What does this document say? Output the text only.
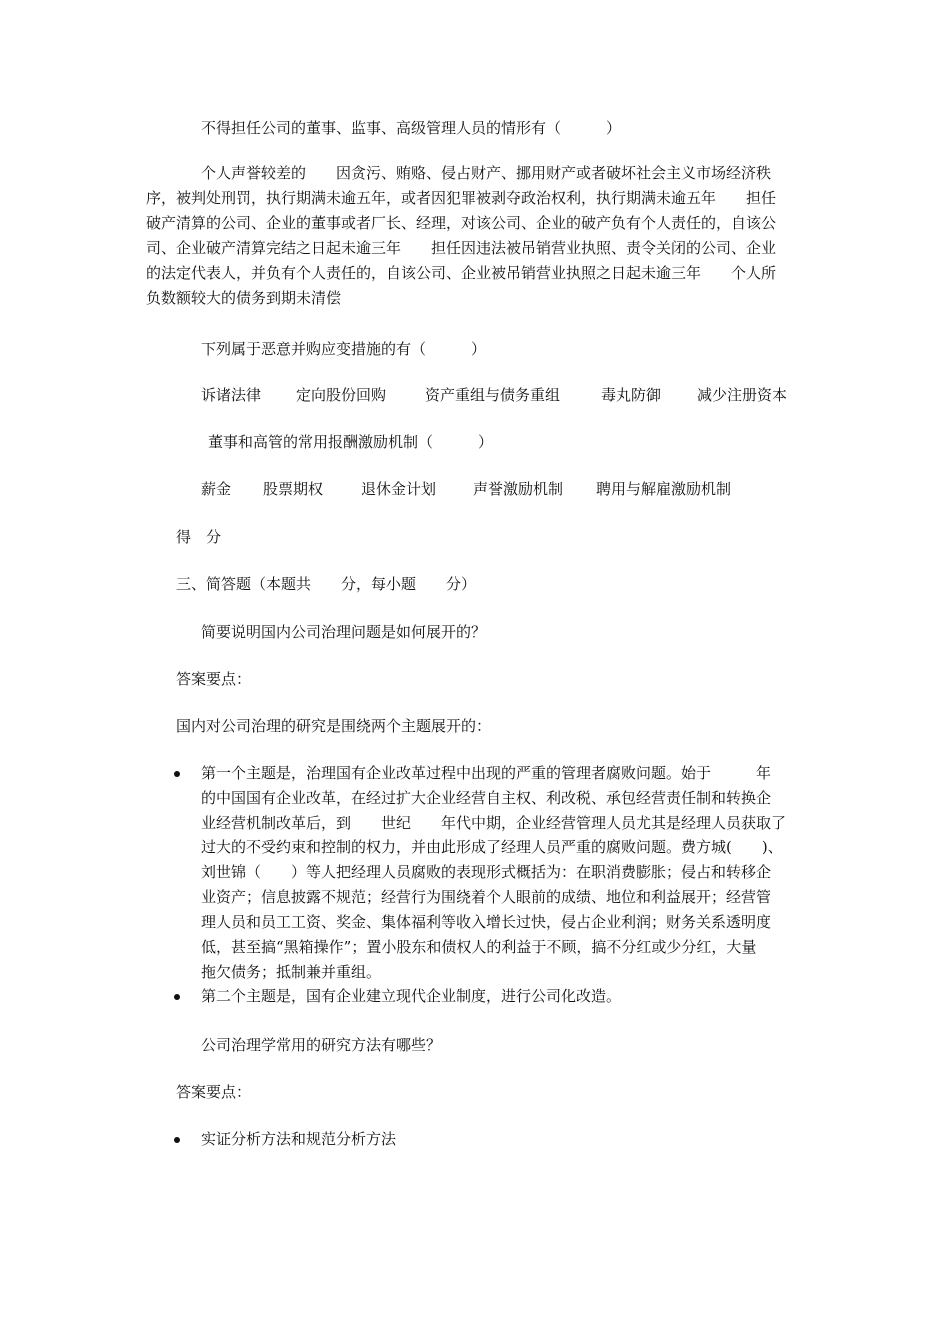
不得担任公司的董事、监事、高级管理人员的情形有（　　　）
个人声誉较差的　　因贪污、贿赂、侵占财产、挪用财产或者破坏社会主义市场经济秩
序，被判处刑罚，执行期满未逾五年，或者因犯罪被剥夺政治权利，执行期满未逾五年　　担任
破产清算的公司、企业的董事或者厂长、经理，对该公司、企业的破产负有个人责任的，自该公
司、企业破产清算完结之日起未逾三年　　担任因违法被吊销营业执照、责令关闭的公司、企业
的法定代表人，并负有个人责任的，自该公司、企业被吊销营业执照之日起未逾三年　　个人所
负数额较大的债务到期未清偿
下列属于恶意并购应变措施的有（　　　）
诉诸法律 定向股份回购	资产重组与债务重组	毒丸防御 减少注册资本
董事和高管的常用报酬激励机制（　　　）
薪金 股票期权	退休金计划 声誉激励机制 聘用与解雇激励机制
得　分
三、简答题（本题共　　分，每小题　　分）
简要说明国内公司治理问题是如何展开的？
答案要点：
国内对公司治理的研究是围绕两个主题展开的：
第一个主题是，治理国有企业改革过程中出现的严重的管理者腐败问题。始于　　　年
的中国国有企业改革，在经过扩大企业经营自主权、利改税、承包经营责任制和转换企
业经营机制改革后，到　　世纪　　年代中期，企业经营管理人员尤其是经理人员获取了
过大的不受约束和控制的权力，并由此形成了经理人员严重的腐败问题。费方城(　　)、
刘世锦（　　）等人把经理人员腐败的表现形式概括为：在职消费膨胀；侵占和转移企
业资产；信息披露不规范；经营行为围绕着个人眼前的成绩、地位和利益展开；经营管
理人员和员工工资、奖金、集体福利等收入增长过快，侵占企业利润；财务关系透明度
低，甚至搞“黑箱操作”；置小股东和债权人的利益于不顾，搞不分红或少分红，大量
拖欠债务；抵制兼并重组。
第二个主题是，国有企业建立现代企业制度，进行公司化改造。
公司治理学常用的研究方法有哪些？
答案要点：
实证分析方法和规范分析方法
